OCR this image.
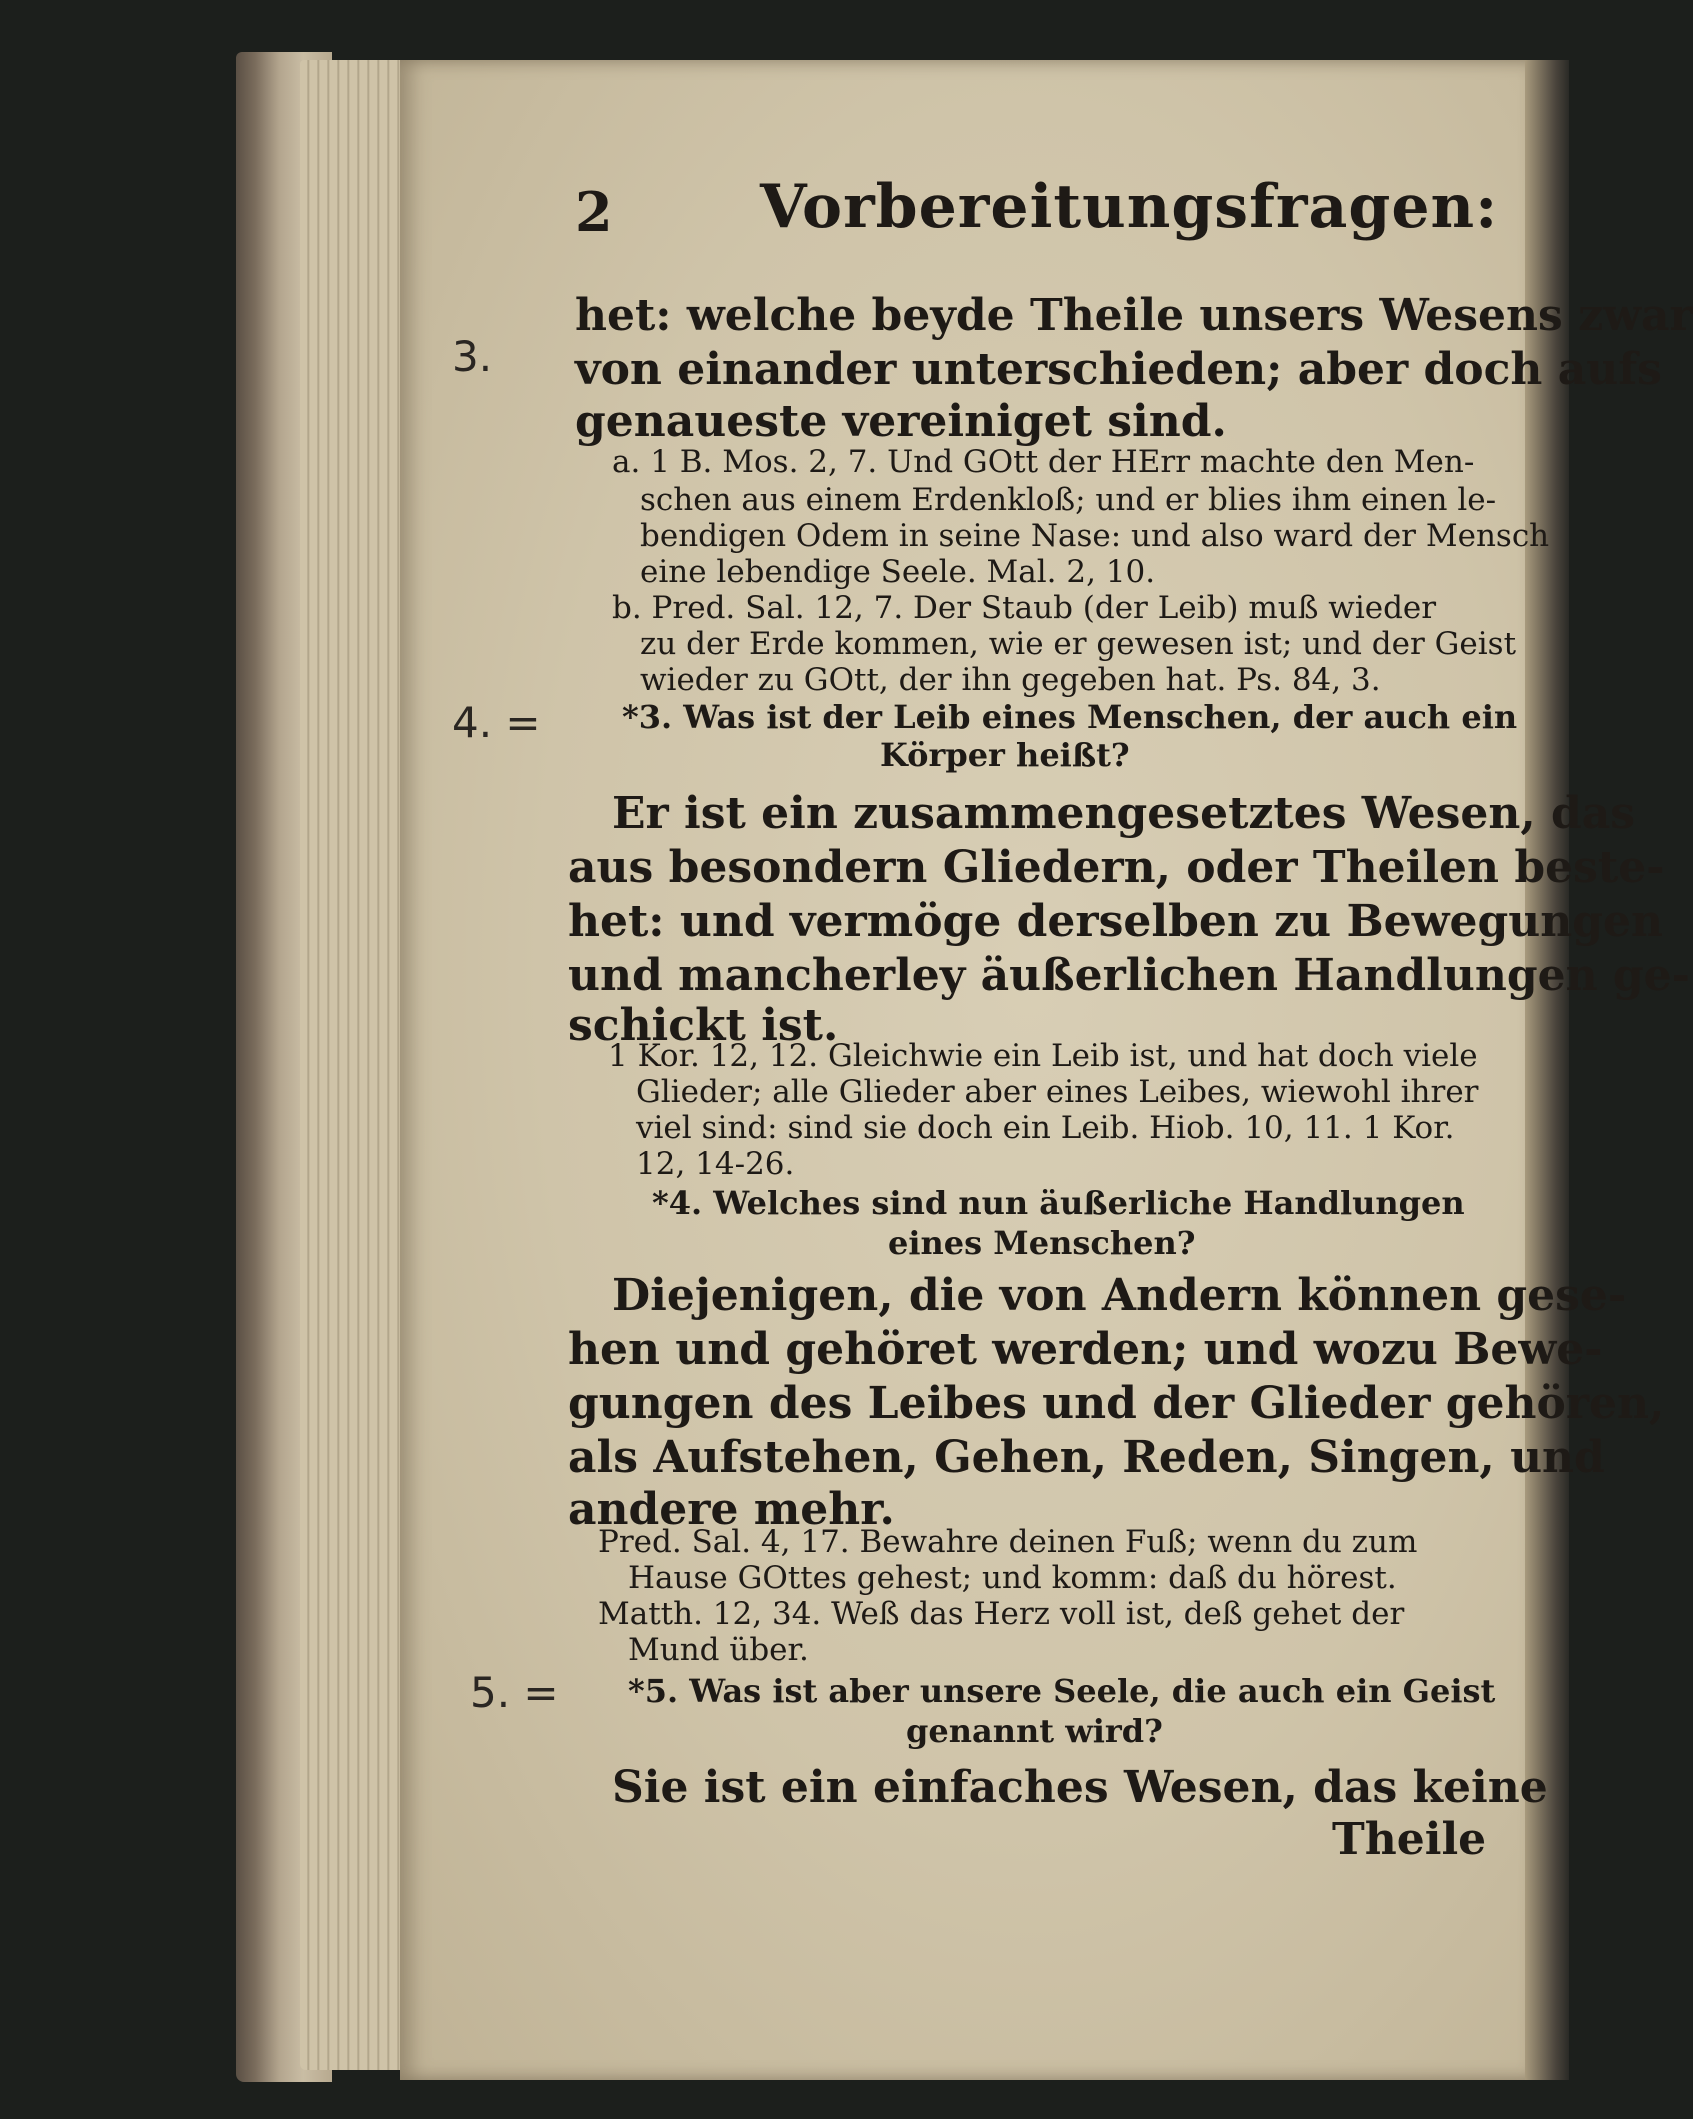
2 Vorbereitungsfragen:
3.
4. =
5. =
het: welche beyde Theile unsers Wesens zwar
von einander unterschieden; aber doch aufs
genaueste vereiniget sind.
a. 1 B. Mos. 2, 7. Und GOtt der HErr machte den Men-
schen aus einem Erdenkloß; und er blies ihm einen le-
bendigen Odem in seine Nase: und also ward der Mensch
eine lebendige Seele. Mal. 2, 10.
b. Pred. Sal. 12, 7. Der Staub (der Leib) muß wieder
zu der Erde kommen, wie er gewesen ist; und der Geist
wieder zu GOtt, der ihn gegeben hat. Ps. 84, 3.
*3. Was ist der Leib eines Menschen, der auch ein
Körper heißt?
Er ist ein zusammengesetztes Wesen, das
aus besondern Gliedern, oder Theilen beste-
het: und vermöge derselben zu Bewegungen
und mancherley äußerlichen Handlungen ge-
schickt ist.
1 Kor. 12, 12. Gleichwie ein Leib ist, und hat doch viele
Glieder; alle Glieder aber eines Leibes, wiewohl ihrer
viel sind: sind sie doch ein Leib. Hiob. 10, 11. 1 Kor.
12, 14-26.
*4. Welches sind nun äußerliche Handlungen
eines Menschen?
Diejenigen, die von Andern können gese-
hen und gehöret werden; und wozu Bewe-
gungen des Leibes und der Glieder gehören,
als Aufstehen, Gehen, Reden, Singen, und
andere mehr.
Pred. Sal. 4, 17. Bewahre deinen Fuß; wenn du zum
Hause GOttes gehest; und komm: daß du hörest.
Matth. 12, 34. Weß das Herz voll ist, deß gehet der
Mund über.
*5. Was ist aber unsere Seele, die auch ein Geist
genannt wird?
Sie ist ein einfaches Wesen, das keine
Theile
